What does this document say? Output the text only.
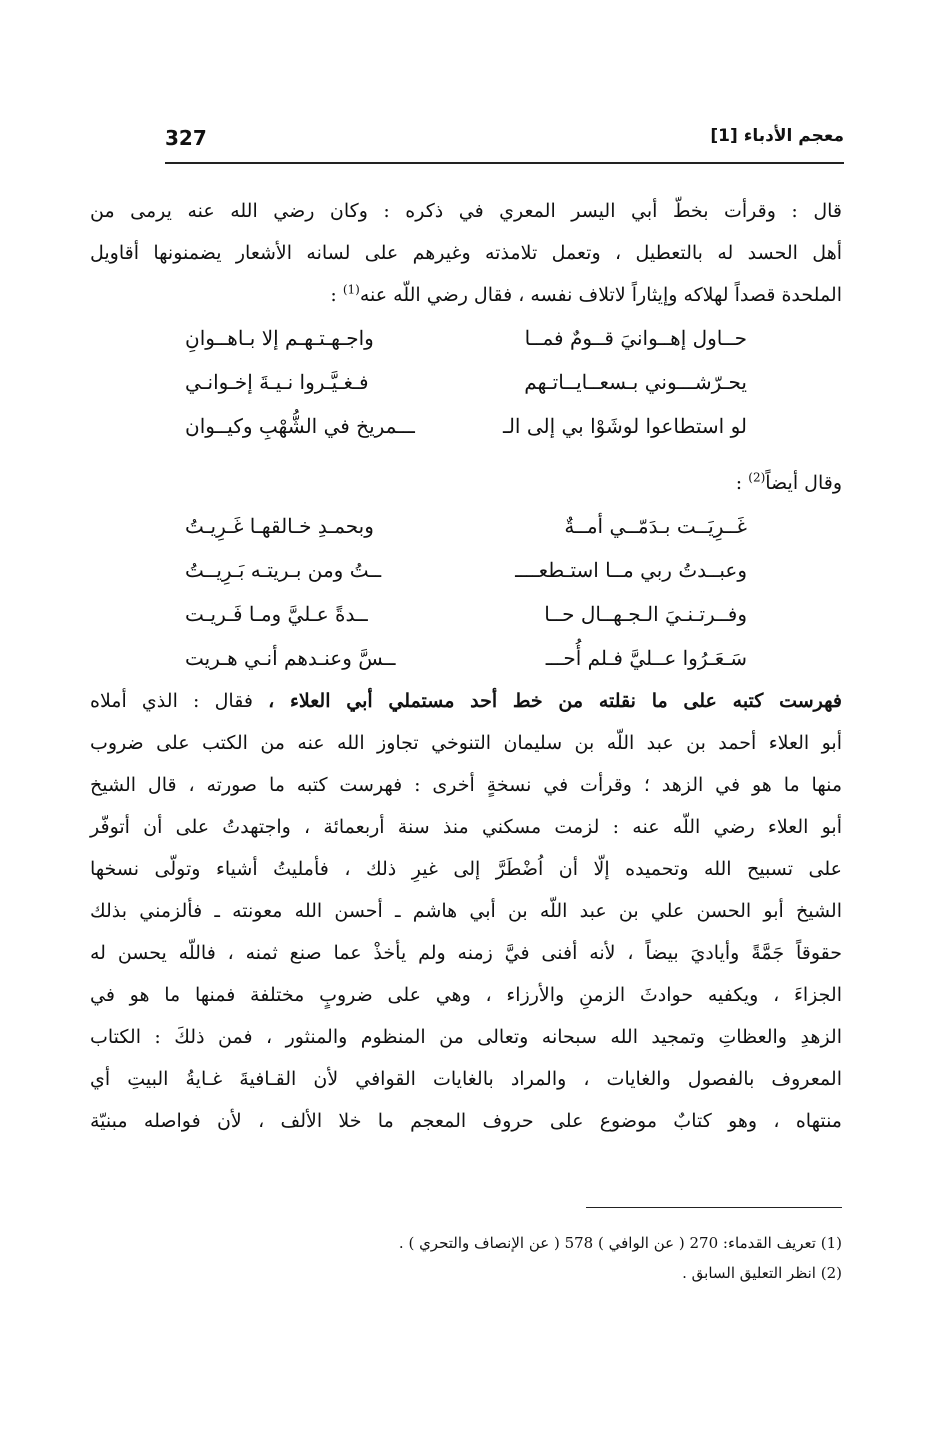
327	معجم الأدباء [1]
قال : وقرأت بخطّ أبي اليسر المعري في ذكره : وكان رضي الله عنه يرمى من
أهل الحسد له بالتعطيل ، وتعمل تلامذته وغيرهم على لسانه الأشعار يضمنونها أقاويل
الملحدة قصداً لهلاكه وإيثاراً لاتلاف نفسه ، فقال رضي اللّه عنه$^{(1)}$ :
حــاول إهــوانيَ قــومٌ فمــا
واجـهـتـهـم إلا بـاهــوانِ
يحـرّشـــوني بـسعــايــاتـهم
فـغـيَّـروا نـيـةَ إخـوانـي
لو استطاعوا لوشَوْا بي إلى الـ
ـــمريخ في الشُّهْبِ وكيــوان
وقال أيضاً$^{(2)}$ :
غَــرِيَــت بـدَمّــي أمــةٌ
وبحمـدِ خـالقهـا غَـرِيـتُ
وعبــدتُ ربي مــا استـطعــــ
ــتُ ومن بـريتـه بَـرِيــتُ
وفــرتـنـيَ الـجـهــال حــا
ــدةً عـليَّ ومـا فَـريـت
سَـعَـرُوا عــليَّ فـلم أُحـــ
ــسَّ وعنـدهم أنـي هـريت
فهرست كتبه على ما نقلته من خط أحد مستملي أبي العلاء ، فقال : الذي أملاه
أبو العلاء أحمد بن عبد اللّه بن سليمان التنوخي تجاوز الله عنه من الكتب على ضروب
منها ما هو في الزهد ؛ وقرأت في نسخةٍ أخرى : فهرست كتبه ما صورته ، قال الشيخ
أبو العلاء رضي اللّه عنه : لزمت مسكني منذ سنة أربعمائة ، واجتهدتُ على أن أتوفّر
على تسبيح الله وتحميده إلّا أن اُضْطَرَّ إلى غيرِ ذلك ، فأمليتُ أشياء وتولّى نسخها
الشيخ أبو الحسن علي بن عبد اللّه بن أبي هاشم ـ أحسن الله معونته ـ فألزمني بذلك
حقوقاً جَمَّةً وأياديَ بيضاً ، لأنه أفنى فيَّ زمنه ولم يأخذْ عما صنع ثمنه ، فاللّه يحسن له
الجزاءَ ، ويكفيه حوادثَ الزمنِ والأرزاء ، وهي على ضروبٍ مختلفة فمنها ما هو في
الزهدِ والعظاتِ وتمجيد الله سبحانه وتعالى من المنظوم والمنثور ، فمن ذلكَ : الكتاب
المعروف بالفصول والغايات ، والمراد بالغايات القوافي لأن القـافيةَ غـايةُ البيتِ أي
منتهاه ، وهو كتابٌ موضوع على حروف المعجم ما خلا الألف ، لأن فواصله مبنيّة

(1) تعريف القدماء: 270 ( عن الوافي ) 578 ( عن الإنصاف والتحري ) .

(2) انظر التعليق السابق .
